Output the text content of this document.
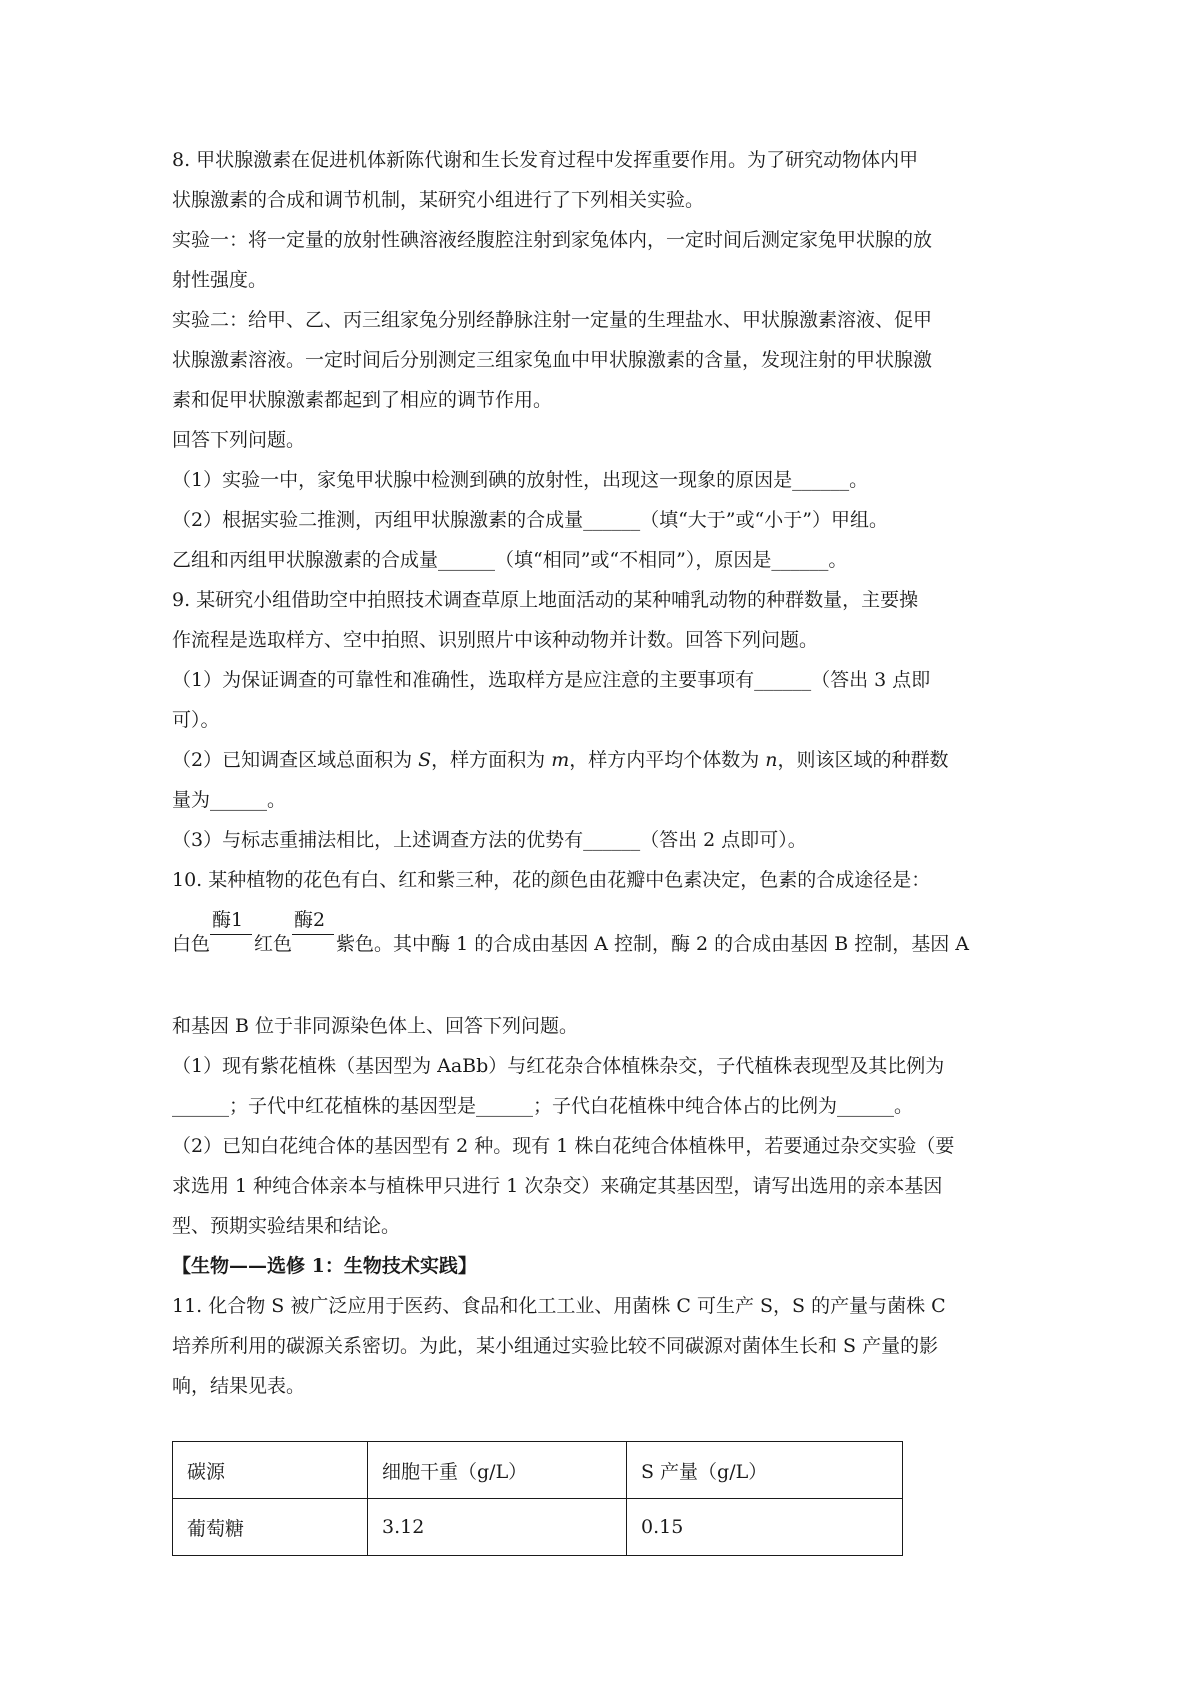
8. 甲状腺激素在促进机体新陈代谢和生长发育过程中发挥重要作用。为了研究动物体内甲
状腺激素的合成和调节机制，某研究小组进行了下列相关实验。
实验一：将一定量的放射性碘溶液经腹腔注射到家兔体内，一定时间后测定家兔甲状腺的放
射性强度。
实验二：给甲、乙、丙三组家兔分别经静脉注射一定量的生理盐水、甲状腺激素溶液、促甲
状腺激素溶液。一定时间后分别测定三组家兔血中甲状腺激素的含量，发现注射的甲状腺激
素和促甲状腺激素都起到了相应的调节作用。
回答下列问题。
（1）实验一中，家兔甲状腺中检测到碘的放射性，出现这一现象的原因是______。
（2）根据实验二推测，丙组甲状腺激素的合成量______（填“大于”或“小于”）甲组。
乙组和丙组甲状腺激素的合成量______（填“相同”或“不相同”），原因是______。
9. 某研究小组借助空中拍照技术调查草原上地面活动的某种哺乳动物的种群数量，主要操
作流程是选取样方、空中拍照、识别照片中该种动物并计数。回答下列问题。
（1）为保证调查的可靠性和准确性，选取样方是应注意的主要事项有______（答出 3 点即
可）。
（2）已知调查区域总面积为 S，样方面积为 m，样方内平均个体数为 n，则该区域的种群数
量为______。
（3）与标志重捕法相比，上述调查方法的优势有______（答出 2 点即可）。
10. 某种植物的花色有白、红和紫三种，花的颜色由花瓣中色素决定，色素的合成途径是：
白色
酶1
红色
酶2
紫色。其中酶 1 的合成由基因 A 控制，酶 2 的合成由基因 B 控制，基因 A
和基因 B 位于非同源染色体上、回答下列问题。
（1）现有紫花植株（基因型为 AaBb）与红花杂合体植株杂交，子代植株表现型及其比例为
______；子代中红花植株的基因型是______；子代白花植株中纯合体占的比例为______。
（2）已知白花纯合体的基因型有 2 种。现有 1 株白花纯合体植株甲，若要通过杂交实验（要
求选用 1 种纯合体亲本与植株甲只进行 1 次杂交）来确定其基因型，请写出选用的亲本基因
型、预期实验结果和结论。
【生物——选修 1：生物技术实践】
11. 化合物 S 被广泛应用于医药、食品和化工工业、用菌株 C 可生产 S，S 的产量与菌株 C
培养所利用的碳源关系密切。为此，某小组通过实验比较不同碳源对菌体生长和 S 产量的影
响，结果见表。
碳源	细胞干重（g/L）	S 产量（g/L）
葡萄糖	3.12	0.15
